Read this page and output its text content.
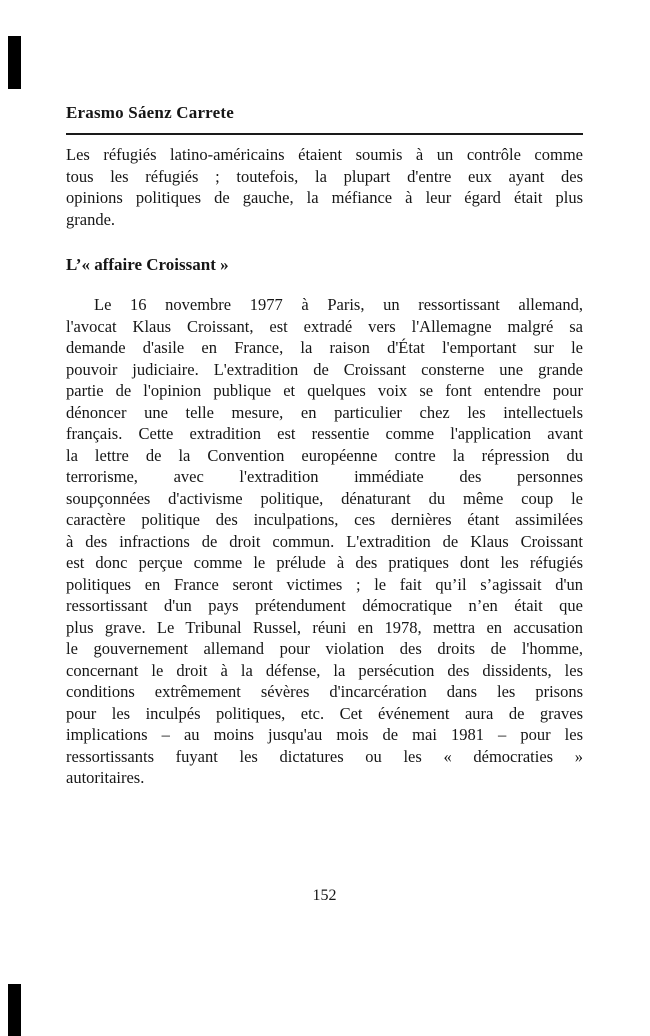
Erasmo Sáenz Carrete
Les réfugiés latino-américains étaient soumis à un contrôle comme
tous les réfugiés ; toutefois, la plupart d'entre eux ayant des
opinions politiques de gauche, la méfiance à leur égard était plus
grande.
L’« affaire Croissant »
Le 16 novembre 1977 à Paris, un ressortissant allemand,
l'avocat Klaus Croissant, est extradé vers l'Allemagne malgré sa
demande d'asile en France, la raison d'État l'emportant sur le
pouvoir judiciaire. L'extradition de Croissant consterne une grande
partie de l'opinion publique et quelques voix se font entendre pour
dénoncer une telle mesure, en particulier chez les intellectuels
français. Cette extradition est ressentie comme l'application avant
la lettre de la Convention européenne contre la répression du
terrorisme, avec l'extradition immédiate des personnes
soupçonnées d'activisme politique, dénaturant du même coup le
caractère politique des inculpations, ces dernières étant assimilées
à des infractions de droit commun. L'extradition de Klaus Croissant
est donc perçue comme le prélude à des pratiques dont les réfugiés
politiques en France seront victimes ; le fait qu’il s’agissait d'un
ressortissant d'un pays prétendument démocratique n’en était que
plus grave. Le Tribunal Russel, réuni en 1978, mettra en accusation
le gouvernement allemand pour violation des droits de l'homme,
concernant le droit à la défense, la persécution des dissidents, les
conditions extrêmement sévères d'incarcération dans les prisons
pour les inculpés politiques, etc. Cet événement aura de graves
implications – au moins jusqu'au mois de mai 1981 – pour les
ressortissants fuyant les dictatures ou les « démocraties »
autoritaires.
152
